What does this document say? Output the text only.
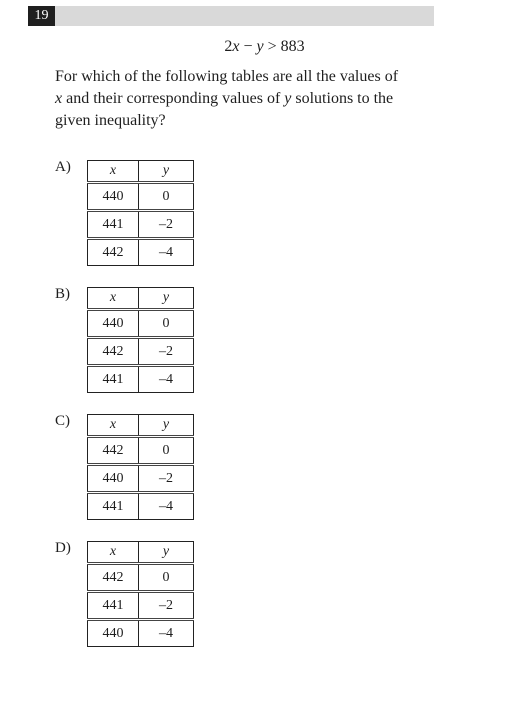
19
2x − y > 883
For which of the following tables are all the values of
x and their corresponding values of y solutions to the
given inequality?
A)	x	y
440	0
441	–2
442	–4
B)	x	y
440	0
442	–2
441	–4
C)	x	y
442	0
440	–2
441	–4
D)	x	y
442	0
441	–2
440	–4
